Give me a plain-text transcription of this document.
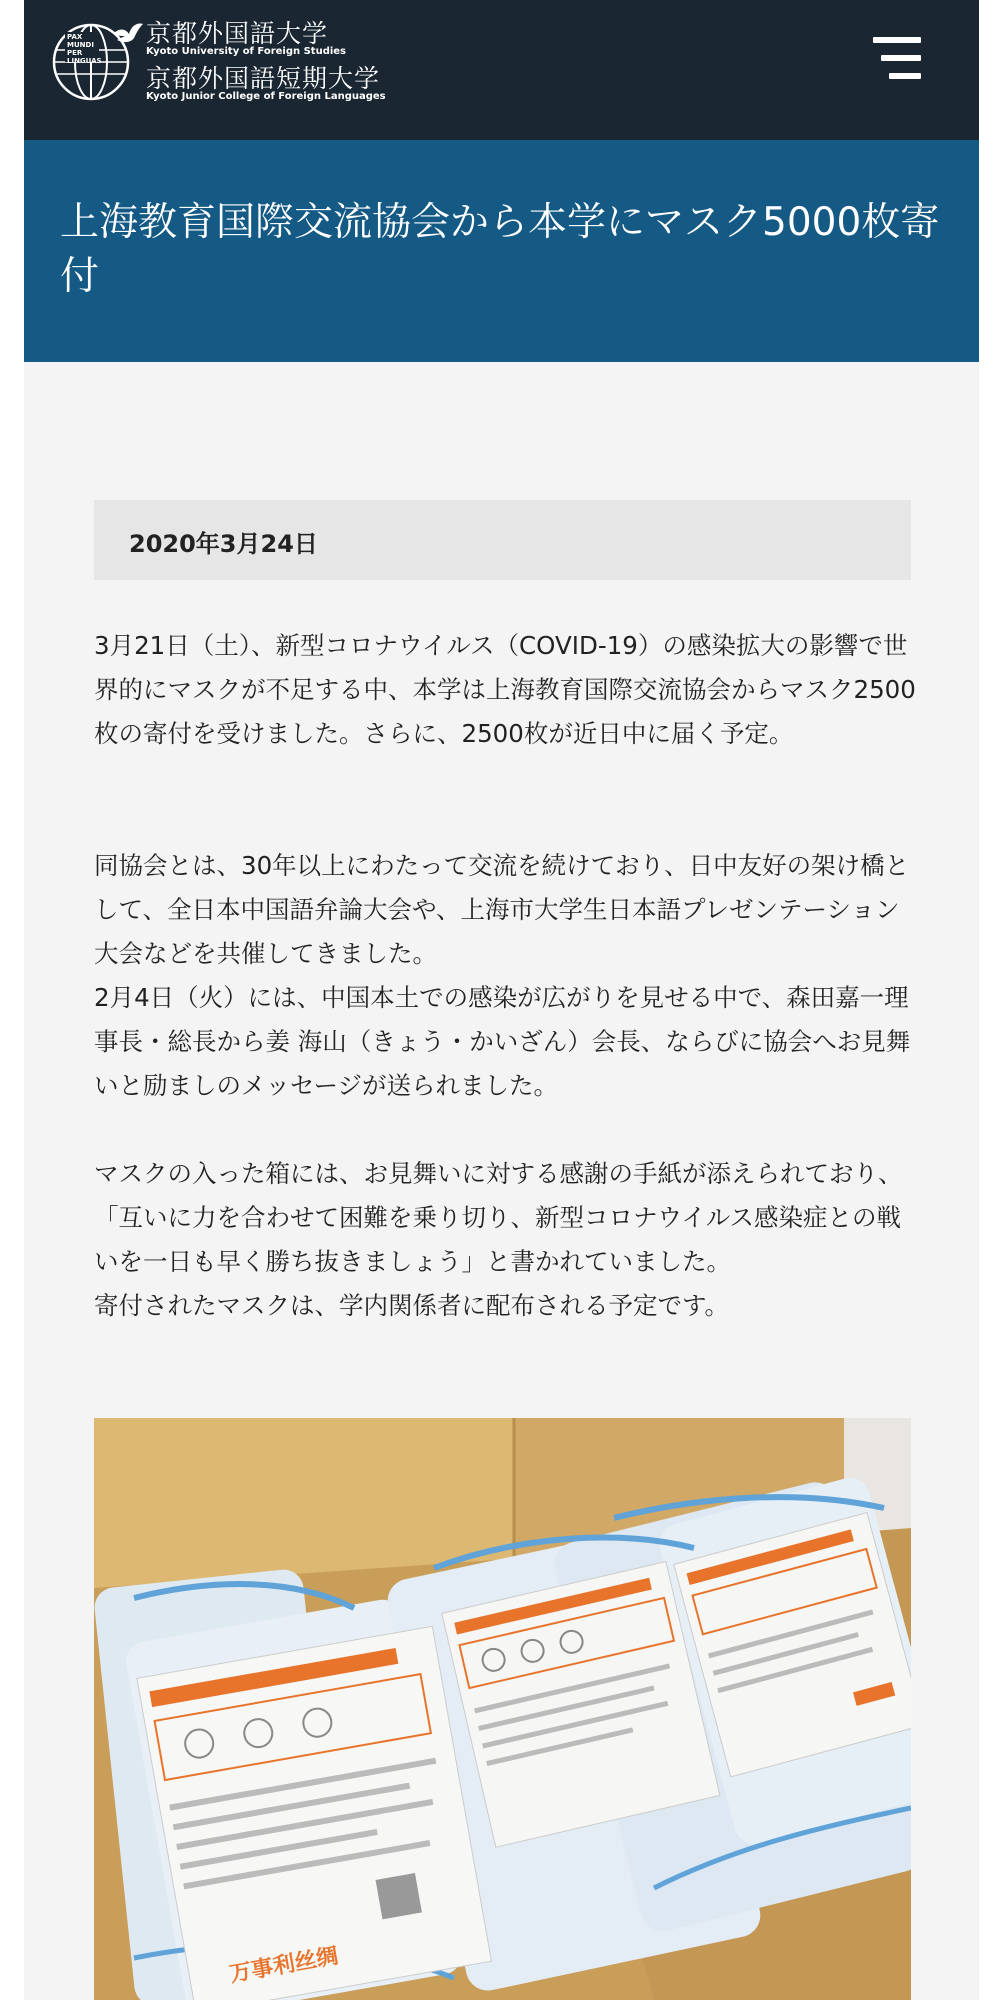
PAX
MUNDI
PER
LINGUAS
京都外国語大学
Kyoto University of Foreign Studies
京都外国語短期大学
Kyoto Junior College of Foreign Languages
上海教育国際交流協会から本学にマスク5000枚寄付
2020年3月24日

3月21日（土）、新型コロナウイルス（COVID-19）の感染拡大の影響で世界的にマスクが不足する中、本学は上海教育国際交流協会からマスク2500枚の寄付を受けました。さらに、2500枚が近日中に届く予定。

同協会とは、30年以上にわたって交流を続けており、日中友好の架け橋として、全日本中国語弁論大会や、上海市大学生日本語プレゼンテーション大会などを共催してきました。
2月4日（火）には、中国本土での感染が広がりを見せる中で、森田嘉一理事長・総長から姜 海山（きょう・かいざん）会長、ならびに協会へお見舞いと励ましのメッセージが送られました。

マスクの入った箱には、お見舞いに対する感謝の手紙が添えられており、「互いに力を合わせて困難を乗り切り、新型コロナウイルス感染症との戦いを一日も早く勝ち抜きましょう」と書かれていました。
寄付されたマスクは、学内関係者に配布される予定です。

万事利丝绸
